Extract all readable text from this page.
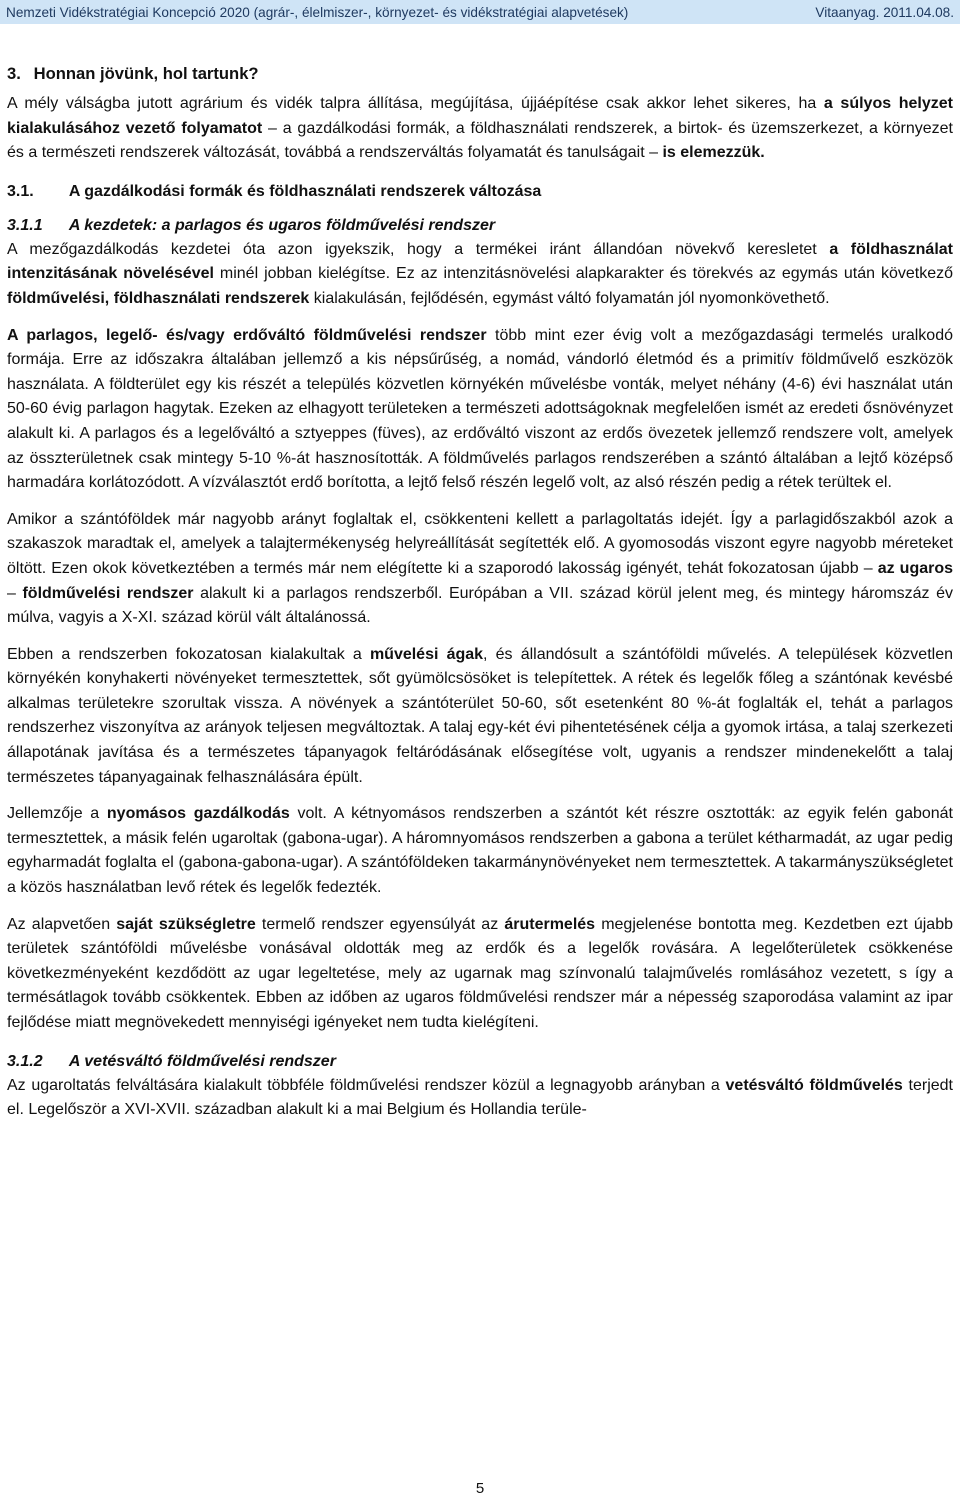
Nemzeti Vidékstratégiai Koncepció 2020 (agrár-, élelmiszer-, környezet- és vidékstratégiai alapvetések)	Vitaanyag. 2011.04.08.
3. Honnan jövünk, hol tartunk?

A mély válságba jutott agrárium és vidék talpra állítása, megújítása, újjáépítése csak akkor lehet sikeres, ha a súlyos helyzet kialakulásához vezető folyamatot – a gazdálkodási formák, a földhasználati rendszerek, a birtok- és üzemszerkezet, a környezet és a természeti rendszerek változását, továbbá a rendszerváltás folyamatát és tanulságait – is elemezzük.

3.1. A gazdálkodási formák és földhasználati rendszerek változása
3.1.1 A kezdetek: a parlagos és ugaros földművelési rendszer

A mezőgazdálkodás kezdetei óta azon igyekszik, hogy a termékei iránt állandóan növekvő keresletet a földhasználat intenzitásának növelésével minél jobban kielégítse. Ez az intenzitásnövelési alapkarakter és törekvés az egymás után következő földművelési, földhasználati rendszerek kialakulásán, fejlődésén, egymást váltó folyamatán jól nyomonkövethető.

A parlagos, legelő- és/vagy erdőváltó földművelési rendszer több mint ezer évig volt a mezőgazdasági termelés uralkodó formája. Erre az időszakra általában jellemző a kis népsűrűség, a nomád, vándorló életmód és a primitív földművelő eszközök használata. A földterület egy kis részét a település közvetlen környékén művelésbe vonták, melyet néhány (4-6) évi használat után 50-60 évig parlagon hagytak. Ezeken az elhagyott területeken a természeti adottságoknak megfelelően ismét az eredeti ősnövényzet alakult ki. A parlagos és a legelőváltó a sztyeppes (füves), az erdőváltó viszont az erdős övezetek jellemző rendszere volt, amelyek az összterületnek csak mintegy 5-10 %-át hasznosították. A földművelés parlagos rendszerében a szántó általában a lejtő középső harmadára korlátozódott. A vízválasztót erdő borította, a lejtő felső részén legelő volt, az alsó részén pedig a rétek terültek el.

Amikor a szántóföldek már nagyobb arányt foglaltak el, csökkenteni kellett a parlagoltatás idejét. Így a parlagidőszakból azok a szakaszok maradtak el, amelyek a talajtermékenység helyreállítását segítették elő. A gyomosodás viszont egyre nagyobb méreteket öltött. Ezen okok következtében a termés már nem elégítette ki a szaporodó lakosság igényét, tehát fokozatosan újabb – az ugaros – földművelési rendszer alakult ki a parlagos rendszerből. Európában a VII. század körül jelent meg, és mintegy háromszáz év múlva, vagyis a X-XI. század körül vált általánossá.

Ebben a rendszerben fokozatosan kialakultak a művelési ágak, és állandósult a szántóföldi művelés. A települések közvetlen környékén konyhakerti növényeket termesztettek, sőt gyümölcsösöket is telepítettek. A rétek és legelők főleg a szántónak kevésbé alkalmas területekre szorultak vissza. A növények a szántóterület 50-60, sőt esetenként 80 %-át foglalták el, tehát a parlagos rendszerhez viszonyítva az arányok teljesen megváltoztak. A talaj egy-két évi pihentetésének célja a gyomok irtása, a talaj szerkezeti állapotának javítása és a természetes tápanyagok feltáródásának elősegítése volt, ugyanis a rendszer mindenekelőtt a talaj természetes tápanyagainak felhasználására épült.

Jellemzője a nyomásos gazdálkodás volt. A kétnyomásos rendszerben a szántót két részre osztották: az egyik felén gabonát termesztettek, a másik felén ugaroltak (gabona-ugar). A háromnyomásos rendszerben a gabona a terület kétharmadát, az ugar pedig egyharmadát foglalta el (gabona-gabona-ugar). A szántóföldeken takarmánynövényeket nem termesztettek. A takarmányszükségletet a közös használatban levő rétek és legelők fedezték.

Az alapvetően saját szükségletre termelő rendszer egyensúlyát az árutermelés megjelenése bontotta meg. Kezdetben ezt újabb területek szántóföldi művelésbe vonásával oldották meg az erdők és a legelők rovására. A legelőterületek csökkenése következményeként kezdődött az ugar legeltetése, mely az ugarnak mag színvonalú talajművelés romlásához vezetett, s így a termésátlagok tovább csökkentek. Ebben az időben az ugaros földművelési rendszer már a népesség szaporodása valamint az ipar fejlődése miatt megnövekedett mennyiségi igényeket nem tudta kielégíteni.

3.1.2 A vetésváltó földművelési rendszer

Az ugaroltatás felváltására kialakult többféle földművelési rendszer közül a legnagyobb arányban a vetésváltó földművelés terjedt el. Legelőször a XVI-XVII. században alakult ki a mai Belgium és Hollandia terüle-

5
